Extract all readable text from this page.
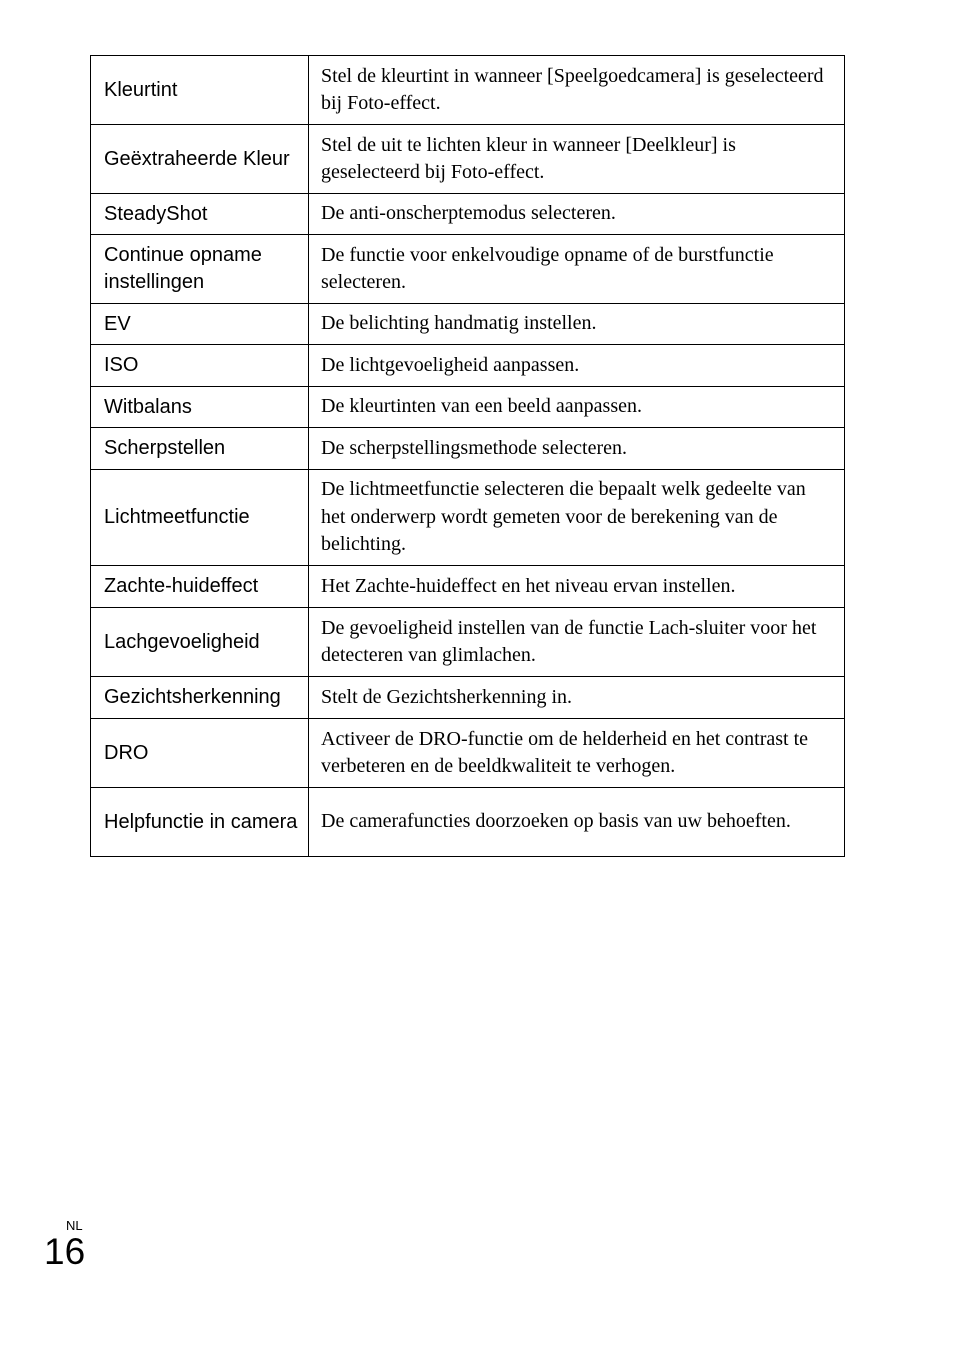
Kleurtint	Stel de kleurtint in wanneer [Speelgoedcamera] is geselecteerd bij Foto-effect.
Geëxtraheerde Kleur	Stel de uit te lichten kleur in wanneer [Deelkleur] is geselecteerd bij Foto-effect.
SteadyShot	De anti-onscherptemodus selecteren.
Continue opname instellingen	De functie voor enkelvoudige opname of de burstfunctie selecteren.
EV	De belichting handmatig instellen.
ISO	De lichtgevoeligheid aanpassen.
Witbalans	De kleurtinten van een beeld aanpassen.
Scherpstellen	De scherpstellingsmethode selecteren.
Lichtmeetfunctie	De lichtmeetfunctie selecteren die bepaalt welk gedeelte van het onderwerp wordt gemeten voor de berekening van de belichting.
Zachte-huideffect	Het Zachte-huideffect en het niveau ervan instellen.
Lachgevoeligheid	De gevoeligheid instellen van de functie Lach-sluiter voor het detecteren van glimlachen.
Gezichtsherkenning	Stelt de Gezichtsherkenning in.
DRO	Activeer de DRO-functie om de helderheid en het contrast te verbeteren en de beeldkwaliteit te verhogen.
Helpfunctie in camera	De camerafuncties doorzoeken op basis van uw behoeften.
NL
16
